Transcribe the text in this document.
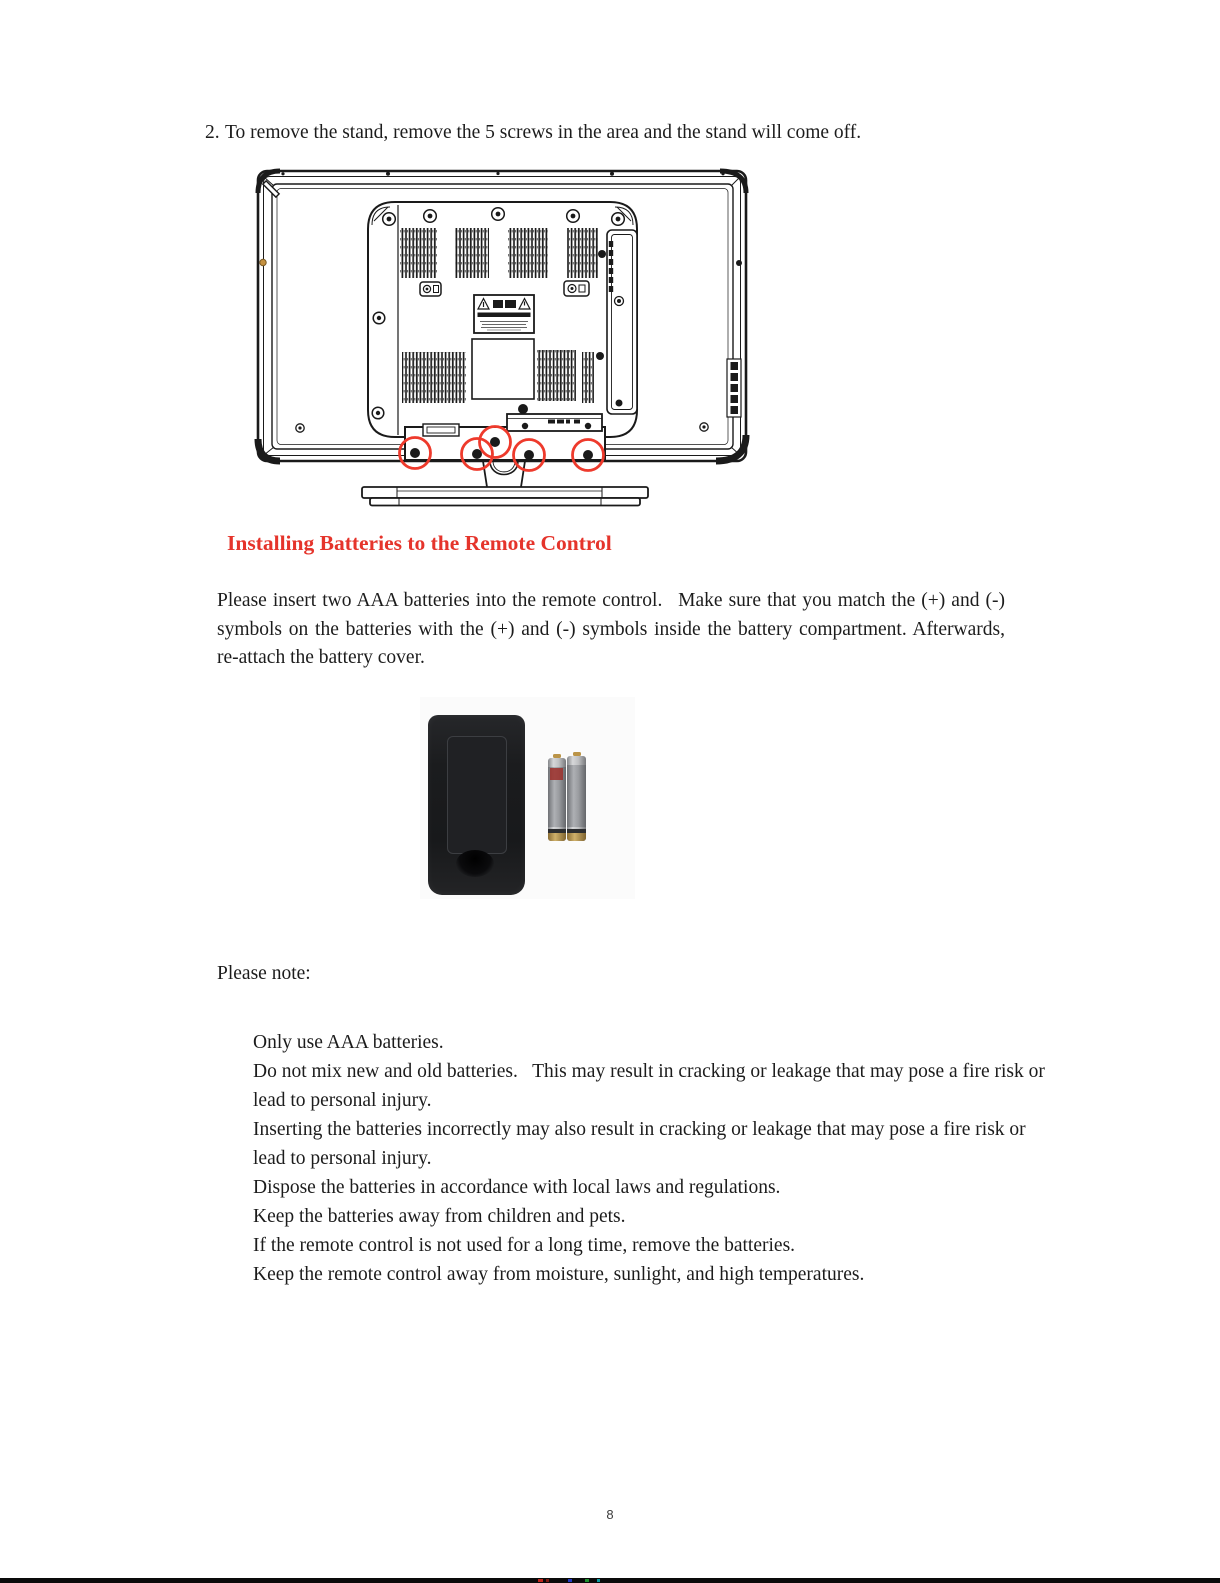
2. To remove the stand, remove the 5 screws in the area and the stand will come off.
Installing Batteries to the Remote Control
Please insert two AAA batteries into the remote control.  Make sure that you match the (+) and (-) symbols on the batteries with the (+) and (-) symbols inside the battery compartment. Afterwards, re-attach the battery cover.
Please note:
Only use AAA batteries.
Do not mix new and old batteries.  This may result in cracking or leakage that may pose a fire risk or lead to personal injury.
Inserting the batteries incorrectly may also result in cracking or leakage that may pose a fire risk or lead to personal injury.
Dispose the batteries in accordance with local laws and regulations.
Keep the batteries away from children and pets.
If the remote control is not used for a long time, remove the batteries.
Keep the remote control away from moisture, sunlight, and high temperatures.
8
